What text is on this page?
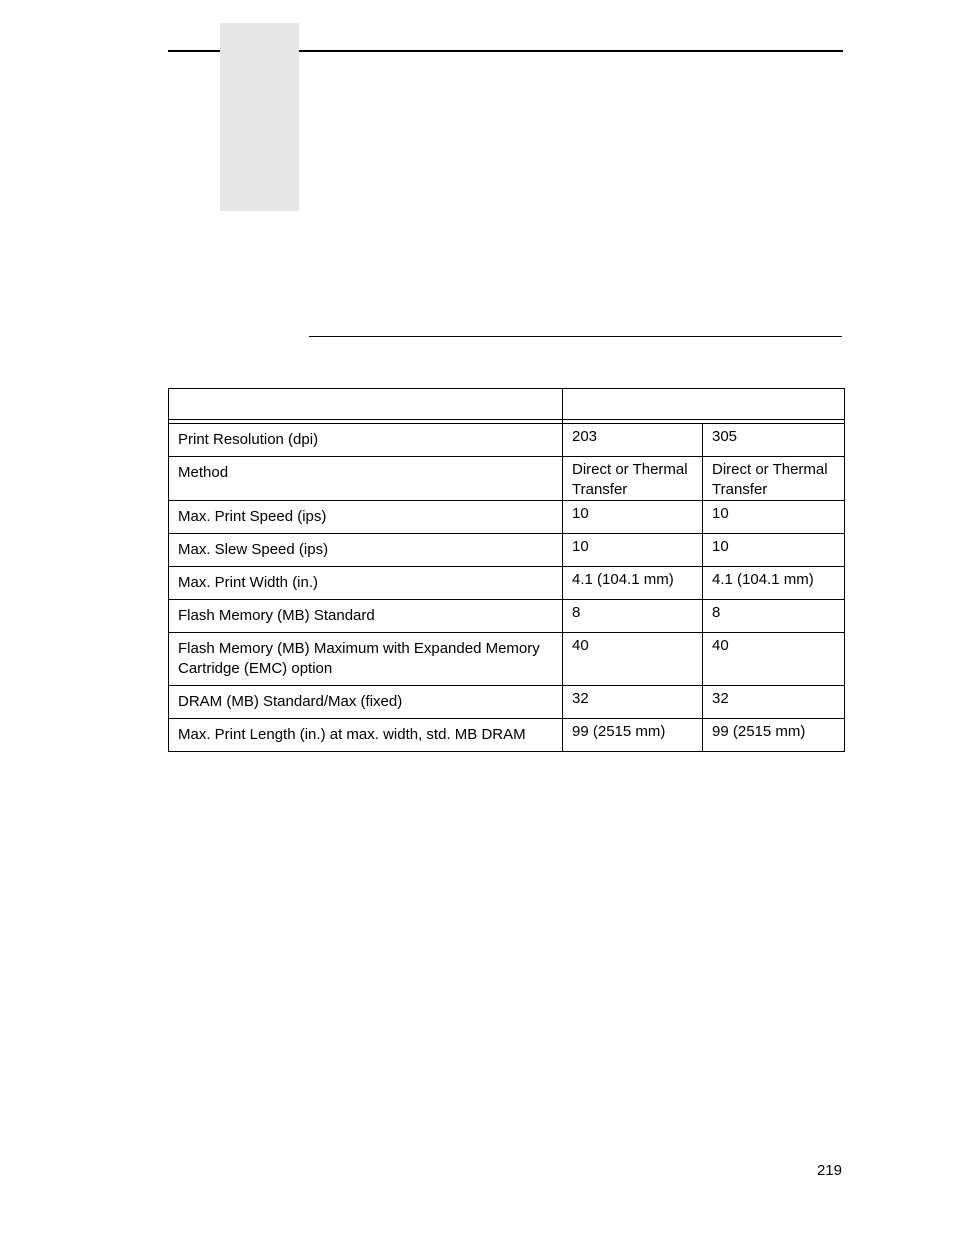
Print Resolution (dpi)	203	305
Method	Direct or Thermal Transfer	Direct or Thermal Transfer
Max. Print Speed (ips)	10	10
Max. Slew Speed (ips)	10	10
Max. Print Width (in.)	4.1 (104.1 mm)	4.1 (104.1 mm)
Flash Memory (MB) Standard	8	8
Flash Memory (MB) Maximum with Expanded Memory Cartridge (EMC) option	40	40
DRAM (MB) Standard/Max (fixed)	32	32
Max. Print Length (in.) at max. width, std. MB DRAM	99 (2515 mm)	99 (2515 mm)
219
